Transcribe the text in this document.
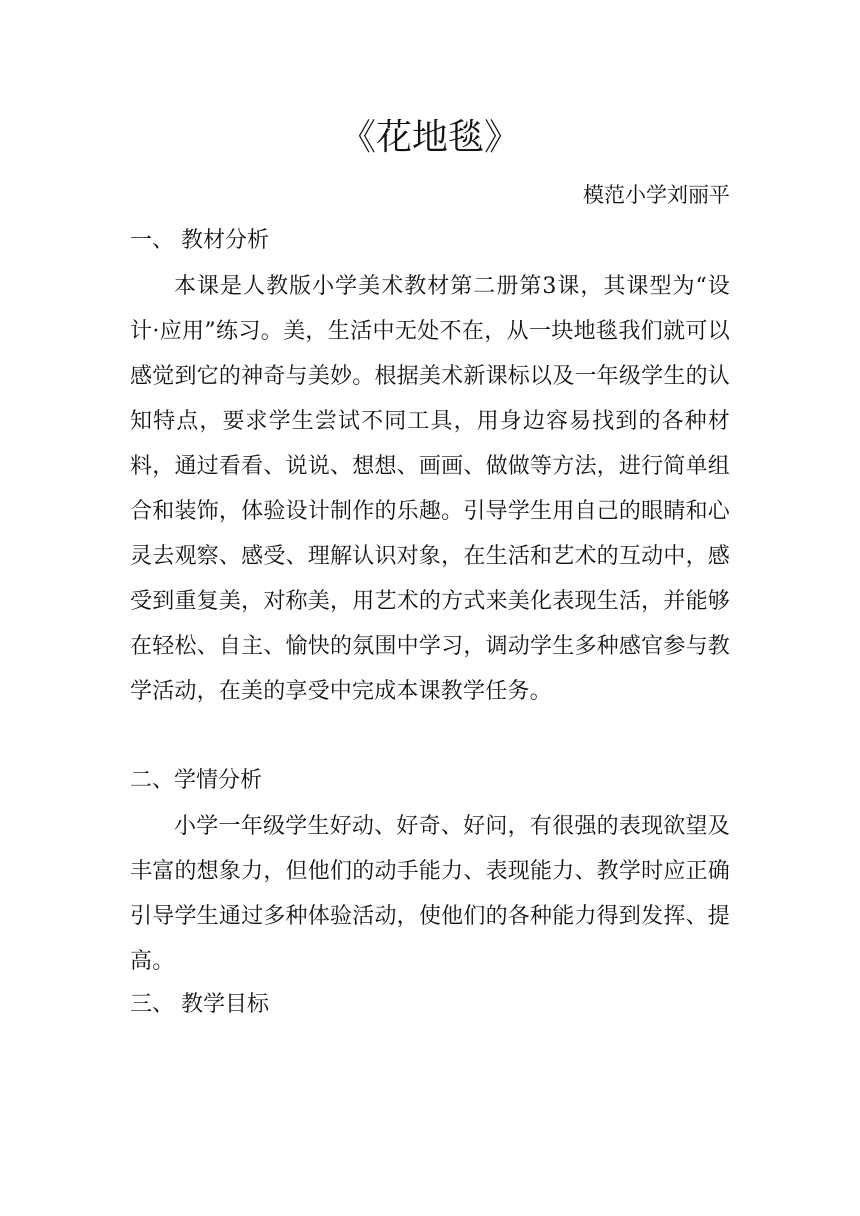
《花地毯》

模范小学刘丽平

一、 教材分析

本课是人教版小学美术教材第二册第3课，其课型为“设计·应用”练习。美，生活中无处不在，从一块地毯我们就可以感觉到它的神奇与美妙。根据美术新课标以及一年级学生的认知特点，要求学生尝试不同工具，用身边容易找到的各种材料，通过看看、说说、想想、画画、做做等方法，进行简单组合和装饰，体验设计制作的乐趣。引导学生用自己的眼睛和心灵去观察、感受、理解认识对象，在生活和艺术的互动中，感受到重复美，对称美，用艺术的方式来美化表现生活，并能够在轻松、自主、愉快的氛围中学习，调动学生多种感官参与教学活动，在美的享受中完成本课教学任务。

二、学情分析

小学一年级学生好动、好奇、好问，有很强的表现欲望及丰富的想象力，但他们的动手能力、表现能力、教学时应正确引导学生通过多种体验活动，使他们的各种能力得到发挥、提高。

三、 教学目标
